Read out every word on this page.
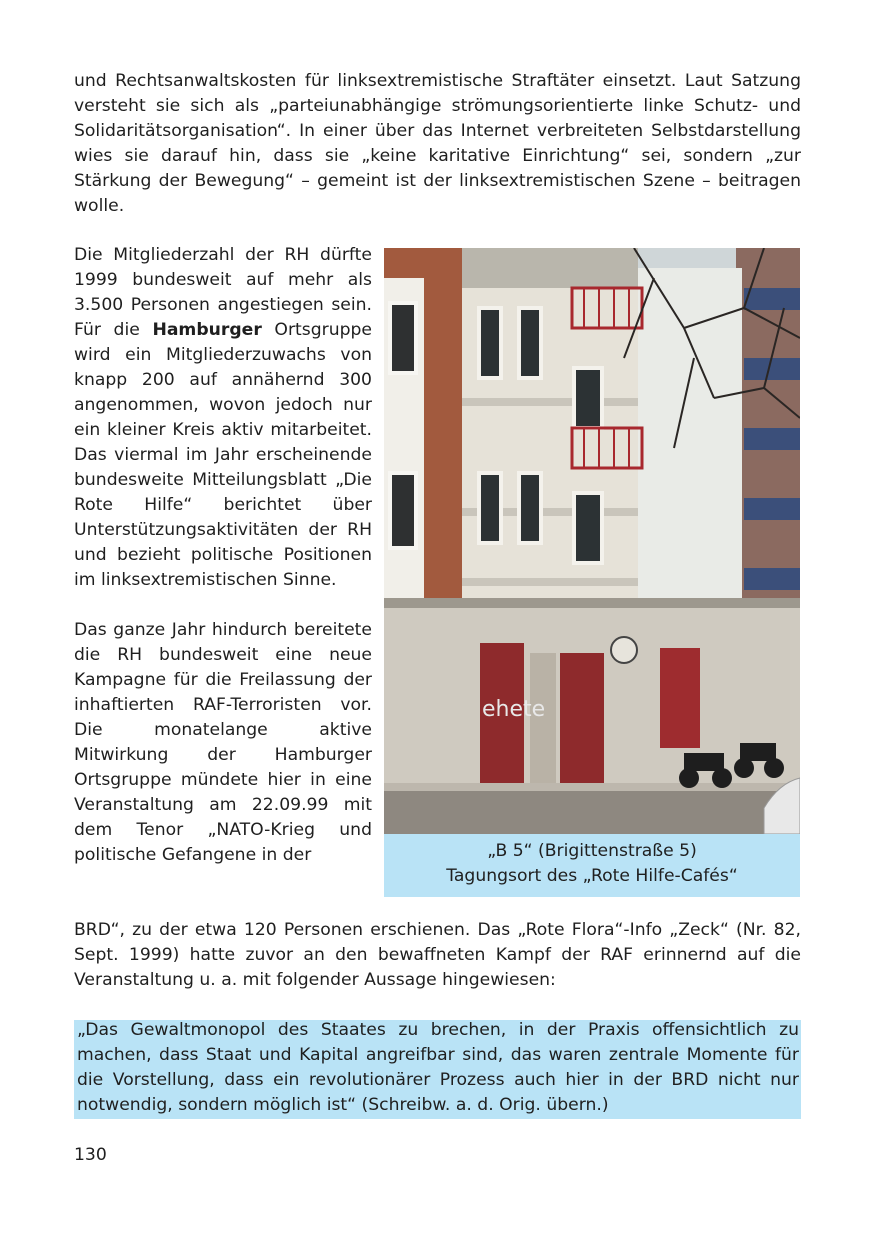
und Rechtsanwaltskosten für linksextremistische Straftäter einsetzt. Laut Satzung versteht sie sich als „parteiunabhängige strömungsorientierte linke Schutz- und Solidaritätsorganisation“. In einer über das Internet verbreiteten Selbstdarstellung wies sie darauf hin, dass sie „keine karitative Einrichtung“ sei, sondern „zur Stärkung der Bewegung“ – gemeint ist der linksextremistischen Szene – beitragen wolle.

Die Mitgliederzahl der RH dürfte 1999 bundesweit auf mehr als 3.500 Personen angestiegen sein. Für die Hamburger Ortsgruppe wird ein Mitgliederzuwachs von knapp 200 auf annähernd 300 angenommen, wovon jedoch nur ein kleiner Kreis aktiv mitarbeitet. Das viermal im Jahr erscheinende bundesweite Mitteilungsblatt „Die Rote Hilfe“ berichtet über Unterstützungsaktivitäten der RH und bezieht politische Positionen im linksextremistischen Sinne.

Das ganze Jahr hindurch bereitete die RH bundesweit eine neue Kampagne für die Freilassung der inhaftierten RAF-Terroristen vor. Die monatelange aktive Mitwirkung der Hamburger Ortsgruppe mündete hier in eine Veranstaltung am 22.09.99 mit dem Tenor „NATO-Krieg und politische Gefangene in der

ehete
„B 5“ (Brigittenstraße 5)
Tagungsort des „Rote Hilfe-Cafés“
BRD“, zu der etwa 120 Personen erschienen. Das „Rote Flora“-Info „Zeck“ (Nr. 82, Sept. 1999) hatte zuvor an den bewaffneten Kampf der RAF erinnernd auf die Veranstaltung u. a. mit folgender Aussage hingewiesen:
„Das Gewaltmonopol des Staates zu brechen, in der Praxis offensichtlich zu machen, dass Staat und Kapital angreifbar sind, das waren zentrale Momente für die Vorstellung, dass ein revolutionärer Prozess auch hier in der BRD nicht nur notwendig, sondern möglich ist“ (Schreibw. a. d. Orig. übern.)
130
